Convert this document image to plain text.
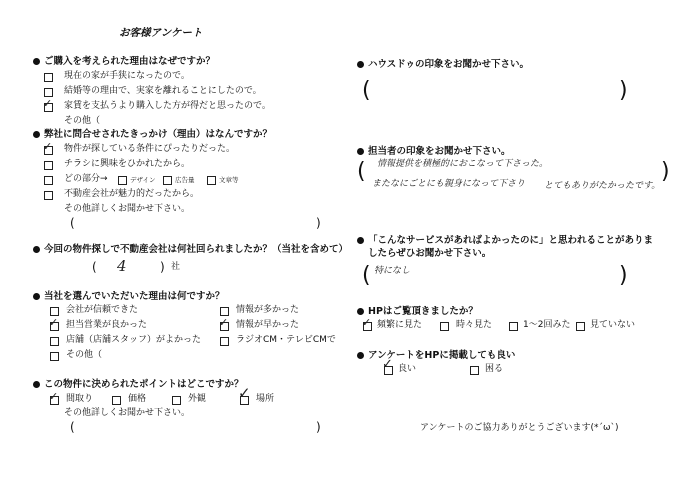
お客様アンケート
ご購入を考えられた理由はなぜですか？
現在の家が手狭になったので。
結婚等の理由で、実家を離れることにしたので。
✓ 家賃を支払うより購入した方が得だと思ったので。
その他（
弊社に問合せされたきっかけ（理由）はなんですか？
✓ 物件が探している条件にぴったりだった。
チラシに興味をひかれたから。
どの部分→	デザイン	広告量	文章等
不動産会社が魅力的だったから。
その他詳しくお聞かせ下さい。
(	)
今回の物件探しで不動産会社は何社回られましたか？（当社を含めて）
( 4	) 社
当社を選んでいただいた理由は何ですか？
会社が信頼できた	情報が多かった
✓ 担当営業が良かった	✓ 情報が早かった
店舗（店舗スタッフ）がよかった	ラジオCM・テレビCMで
その他（
この物件に決められたポイントはどこですか？
✓ 間取り	価格	外観 ✓ 場所
その他詳しくお聞かせ下さい。
(	)
ハウスドゥの印象をお聞かせ下さい。
(	)
担当者の印象をお聞かせ下さい。
( 情報提供を積極的におこなって下さった。
またなにごとにも親身になって下さり とてもありがたかったです。
)
「こんなサービスがあればよかったのに」と思われることがありま
したらぜひお聞かせ下さい。
( 特になし	)
HPはご覧頂きましたか？
✓ 頻繁に見た	時々見た	1〜2回みた 見ていない
アンケートをHPに掲載しても良い
✓ 良い	困る
アンケートのご協力ありがとうございます(*´ω`)
